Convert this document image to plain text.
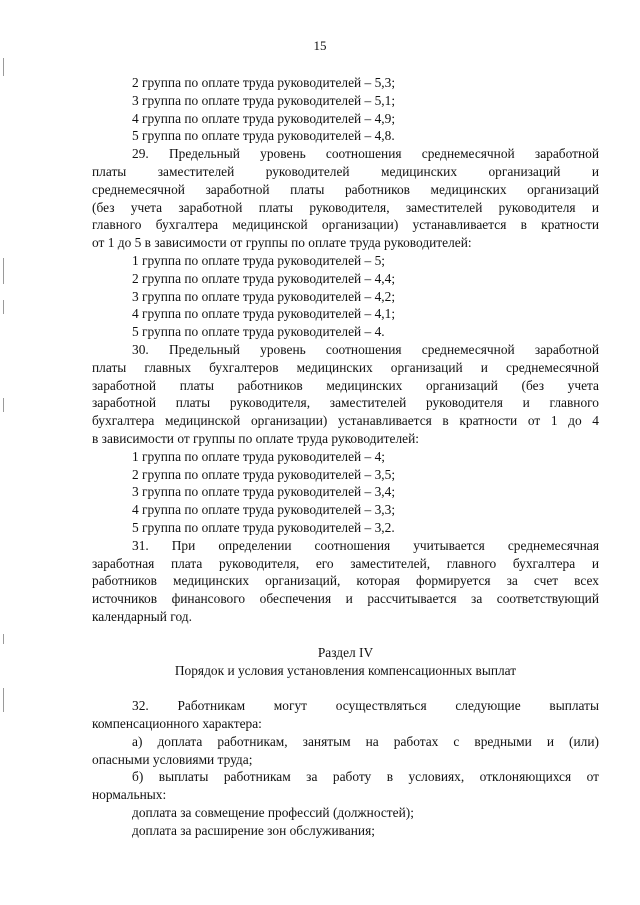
15
2 группа по оплате труда руководителей – 5,3;
3 группа по оплате труда руководителей – 5,1;
4 группа по оплате труда руководителей – 4,9;
5 группа по оплате труда руководителей – 4,8.
29. Предельный уровень соотношения среднемесячной заработной
платы заместителей руководителей медицинских организаций и
среднемесячной заработной платы работников медицинских организаций
(без учета заработной платы руководителя, заместителей руководителя и
главного бухгалтера медицинской организации) устанавливается в кратности
от 1 до 5 в зависимости от группы по оплате труда руководителей:
1 группа по оплате труда руководителей – 5;
2 группа по оплате труда руководителей – 4,4;
3 группа по оплате труда руководителей – 4,2;
4 группа по оплате труда руководителей – 4,1;
5 группа по оплате труда руководителей – 4.
30. Предельный уровень соотношения среднемесячной заработной
платы главных бухгалтеров медицинских организаций и среднемесячной
заработной платы работников медицинских организаций (без учета
заработной платы руководителя, заместителей руководителя и главного
бухгалтера медицинской организации) устанавливается в кратности от 1 до 4
в зависимости от группы по оплате труда руководителей:
1 группа по оплате труда руководителей – 4;
2 группа по оплате труда руководителей – 3,5;
3 группа по оплате труда руководителей – 3,4;
4 группа по оплате труда руководителей – 3,3;
5 группа по оплате труда руководителей – 3,2.
31. При определении соотношения учитывается среднемесячная
заработная плата руководителя, его заместителей, главного бухгалтера и
работников медицинских организаций, которая формируется за счет всех
источников финансового обеспечения и рассчитывается за соответствующий
календарный год.
Раздел IV
Порядок и условия установления компенсационных выплат
32. Работникам могут осуществляться следующие выплаты
компенсационного характера:
а) доплата работникам, занятым на работах с вредными и (или)
опасными условиями труда;
б) выплаты работникам за работу в условиях, отклоняющихся от
нормальных:
доплата за совмещение профессий (должностей);
доплата за расширение зон обслуживания;
